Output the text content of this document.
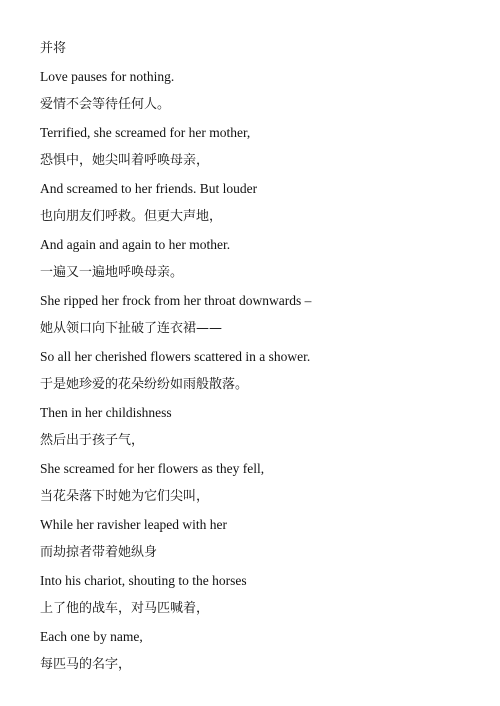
并将
Love pauses for nothing.
爱情不会等待任何人。
Terrified, she screamed for her mother,
恐惧中，她尖叫着呼唤母亲，
And screamed to her friends. But louder
也向朋友们呼救。但更大声地，
And again and again to her mother.
一遍又一遍地呼唤母亲。
She ripped her frock from her throat downwards –
她从领口向下扯破了连衣裙——
So all her cherished flowers scattered in a shower.
于是她珍爱的花朵纷纷如雨般散落。
Then in her childishness
然后出于孩子气，
She screamed for her flowers as they fell,
当花朵落下时她为它们尖叫，
While her ravisher leaped with her
而劫掠者带着她纵身
Into his chariot, shouting to the horses
上了他的战车，对马匹喊着，
Each one by name,
每匹马的名字，
